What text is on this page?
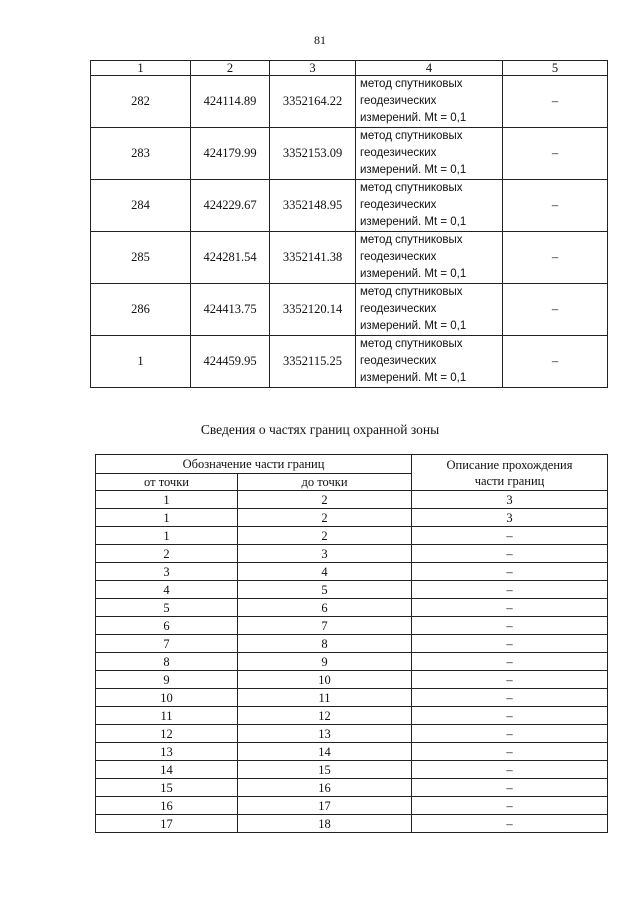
81
1	2	3	4	5
282	424114.89	3352164.22	метод спутниковых
геодезических
измерений. Mt = 0,1	–
283	424179.99	3352153.09	метод спутниковых
геодезических
измерений. Mt = 0,1	–
284	424229.67	3352148.95	метод спутниковых
геодезических
измерений. Mt = 0,1	–
285	424281.54	3352141.38	метод спутниковых
геодезических
измерений. Mt = 0,1	–
286	424413.75	3352120.14	метод спутниковых
геодезических
измерений. Mt = 0,1	–
1	424459.95	3352115.25	метод спутниковых
геодезических
измерений. Mt = 0,1	–
Сведения о частях границ охранной зоны
Обозначение части границ		Описание прохождения
части границ

от точки	до точки	
1	2	3
1	2	3
1	2	–
2	3	–
3	4	–
4	5	–
5	6	–
6	7	–
7	8	–
8	9	–
9	10	–
10	11	–
11	12	–
12	13	–
13	14	–
14	15	–
15	16	–
16	17	–
17	18	–
